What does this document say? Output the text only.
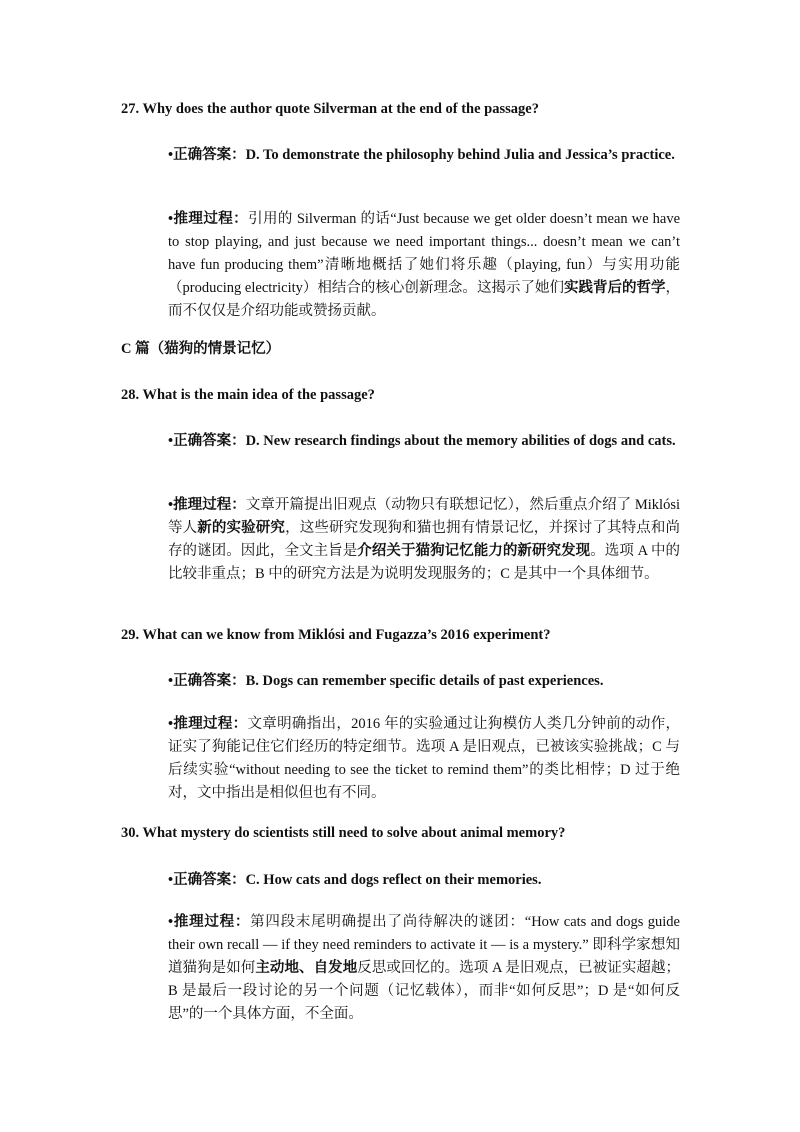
27. Why does the author quote Silverman at the end of the passage?
•正确答案：D. To demonstrate the philosophy behind Julia and Jessica’s practice.
•推理过程：引用的 Silverman 的话“Just because we get older doesn’t mean we have to stop playing, and just because we need important things... doesn’t mean we can’t have fun producing them”清晰地概括了她们将乐趣（playing, fun）与实用功能（producing electricity）相结合的核心创新理念。这揭示了她们实践背后的哲学，而不仅仅是介绍功能或赞扬贡献。
C 篇（猫狗的情景记忆）
28. What is the main idea of the passage?
•正确答案：D. New research findings about the memory abilities of dogs and cats.
•推理过程：文章开篇提出旧观点（动物只有联想记忆），然后重点介绍了 Miklósi 等人新的实验研究，这些研究发现狗和猫也拥有情景记忆，并探讨了其特点和尚存的谜团。因此，全文主旨是介绍关于猫狗记忆能力的新研究发现。选项 A 中的比较非重点；B 中的研究方法是为说明发现服务的；C 是其中一个具体细节。
29. What can we know from Miklósi and Fugazza’s 2016 experiment?
•正确答案：B. Dogs can remember specific details of past experiences.
•推理过程：文章明确指出，2016 年的实验通过让狗模仿人类几分钟前的动作，证实了狗能记住它们经历的特定细节。选项 A 是旧观点，已被该实验挑战；C 与后续实验“without needing to see the ticket to remind them”的类比相悖；D 过于绝对，文中指出是相似但也有不同。
30. What mystery do scientists still need to solve about animal memory?
•正确答案：C. How cats and dogs reflect on their memories.
•推理过程：第四段末尾明确提出了尚待解决的谜团：“How cats and dogs guide their own recall — if they need reminders to activate it — is a mystery.” 即科学家想知道猫狗是如何主动地、自发地反思或回忆的。选项 A 是旧观点，已被证实超越；B 是最后一段讨论的另一个问题（记忆载体），而非“如何反思”；D 是“如何反思”的一个具体方面，不全面。
